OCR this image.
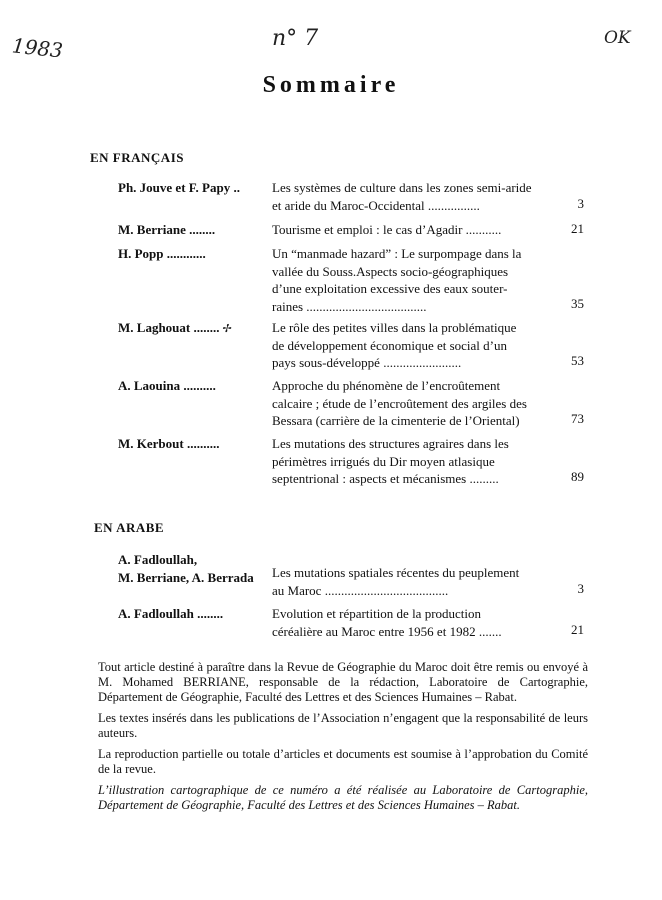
1983	n° 7	OK
Sommaire
EN FRANÇAIS
Ph. Jouve et F. Papy ..	Les systèmes de culture dans les zones semi-aride
et aride du Maroc-Occidental ................	3
M. Berriane ........	Tourisme et emploi : le cas d’Agadir ...........	21
H. Popp ............	Un “manmade hazard” : Le surpompage dans la
vallée du Souss.Aspects socio-géographiques
d’une exploitation excessive des eaux souter-
raines .....................................	35
M. Laghouat ........ ✢	Le rôle des petites villes dans la problématique
de développement économique et social d’un
pays sous-développé ........................	53
A. Laouina ..........	Approche du phénomène de l’encroûtement
calcaire ; étude de l’encroûtement des argiles des
Bessara (carrière de la cimenterie de l’Oriental)	73
M. Kerbout ..........	Les mutations des structures agraires dans les
périmètres irrigués du Dir moyen atlasique
septentrional : aspects et mécanismes .........	89
EN ARABE
A. Fadloullah,
M. Berriane, A. Berrada	Les mutations spatiales récentes du peuplement
au Maroc ......................................	3
A. Fadloullah ........	Evolution et répartition de la production
céréalière au Maroc entre 1956 et 1982 .......	21

Tout article destiné à paraître dans la Revue de Géographie du Maroc doit être remis ou envoyé à M. Mohamed BERRIANE, responsable de la rédaction, Laboratoire de Cartographie, Département de Géographie, Faculté des Lettres et des Sciences Humaines – Rabat.

Les textes insérés dans les publications de l’Association n’engagent que la responsabilité de leurs auteurs.

La reproduction partielle ou totale d’articles et documents est soumise à l’approbation du Comité de la revue.

L’illustration cartographique de ce numéro a été réalisée au Laboratoire de Cartographie, Département de Géographie, Faculté des Lettres et des Sciences Humaines – Rabat.
